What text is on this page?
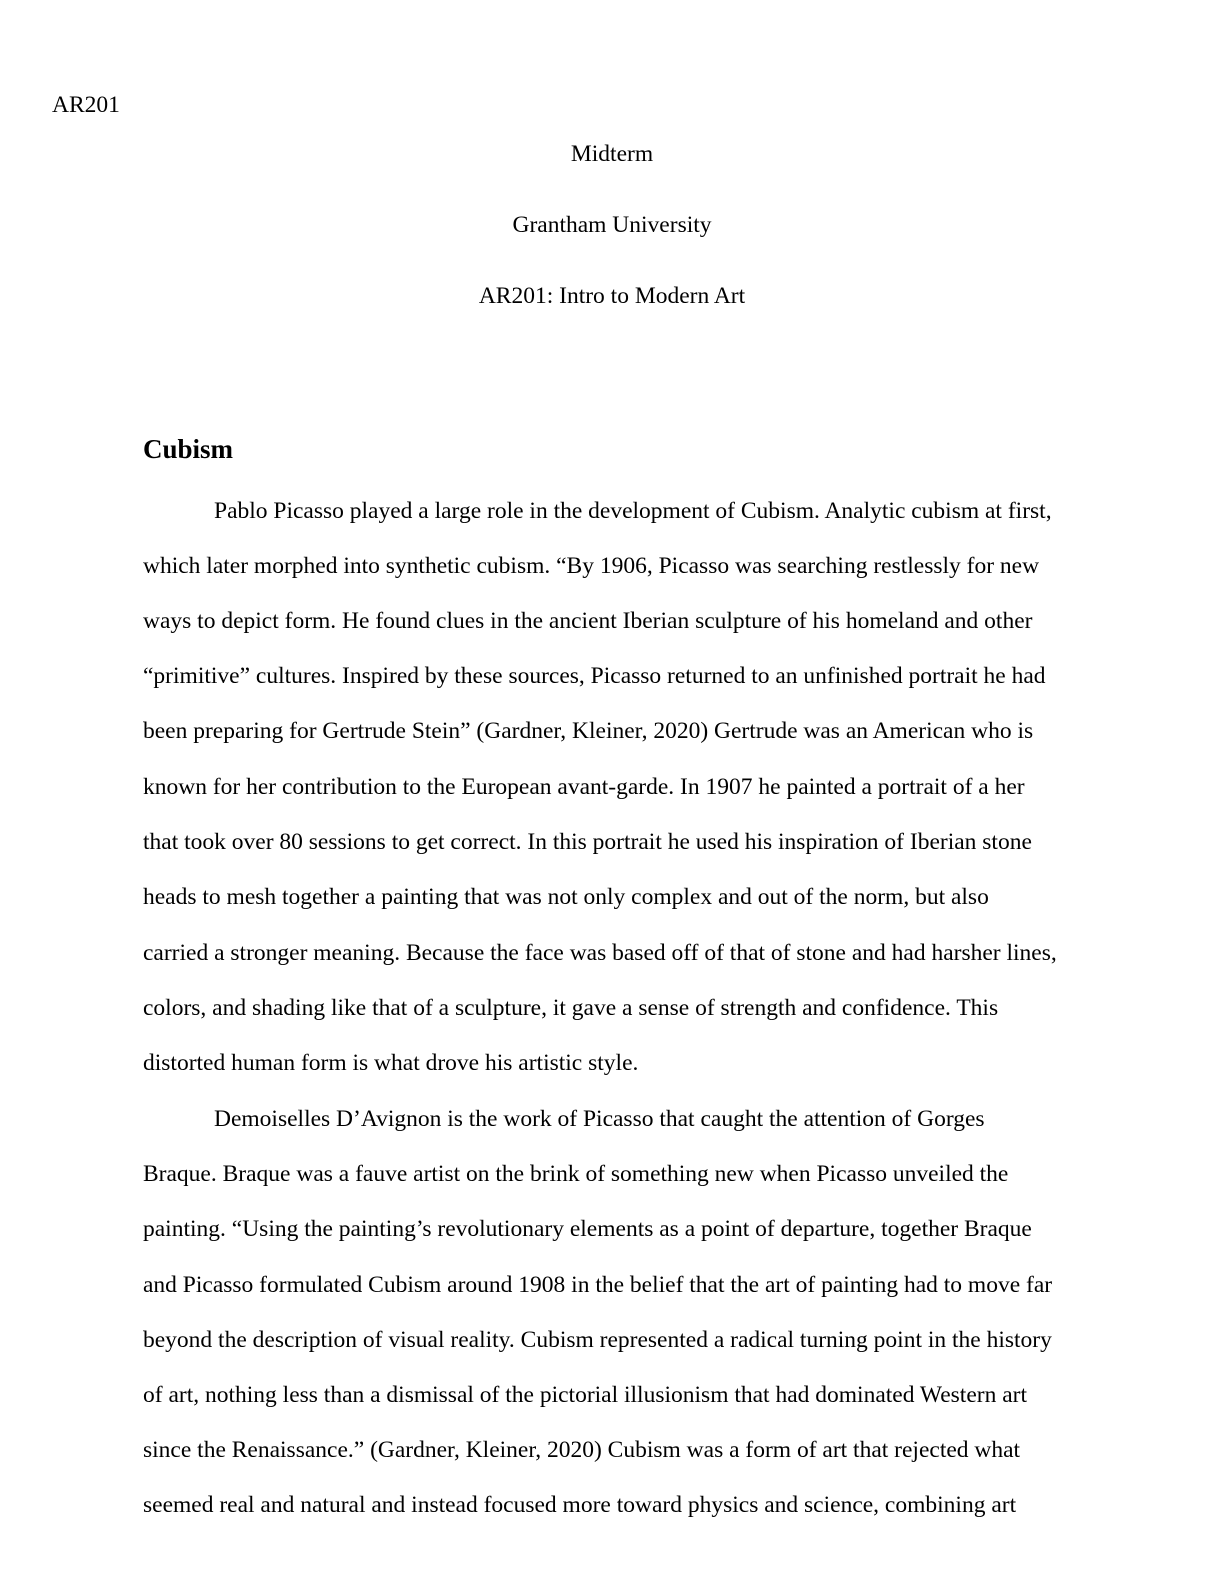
AR201
Midterm
Grantham University
AR201: Intro to Modern Art
Cubism
Pablo Picasso played a large role in the development of Cubism. Analytic cubism at first,
which later morphed into synthetic cubism. “By 1906, Picasso was searching restlessly for new
ways to depict form. He found clues in the ancient Iberian sculpture of his homeland and other
“primitive” cultures. Inspired by these sources, Picasso returned to an unfinished portrait he had
been preparing for Gertrude Stein” (Gardner, Kleiner, 2020) Gertrude was an American who is
known for her contribution to the European avant-garde. In 1907 he painted a portrait of a her
that took over 80 sessions to get correct. In this portrait he used his inspiration of Iberian stone
heads to mesh together a painting that was not only complex and out of the norm, but also
carried a stronger meaning. Because the face was based off of that of stone and had harsher lines,
colors, and shading like that of a sculpture, it gave a sense of strength and confidence. This
distorted human form is what drove his artistic style.
Demoiselles D’Avignon is the work of Picasso that caught the attention of Gorges
Braque. Braque was a fauve artist on the brink of something new when Picasso unveiled the
painting. “Using the painting’s revolutionary elements as a point of departure, together Braque
and Picasso formulated Cubism around 1908 in the belief that the art of painting had to move far
beyond the description of visual reality. Cubism represented a radical turning point in the history
of art, nothing less than a dismissal of the pictorial illusionism that had dominated Western art
since the Renaissance.” (Gardner, Kleiner, 2020) Cubism was a form of art that rejected what
seemed real and natural and instead focused more toward physics and science, combining art
